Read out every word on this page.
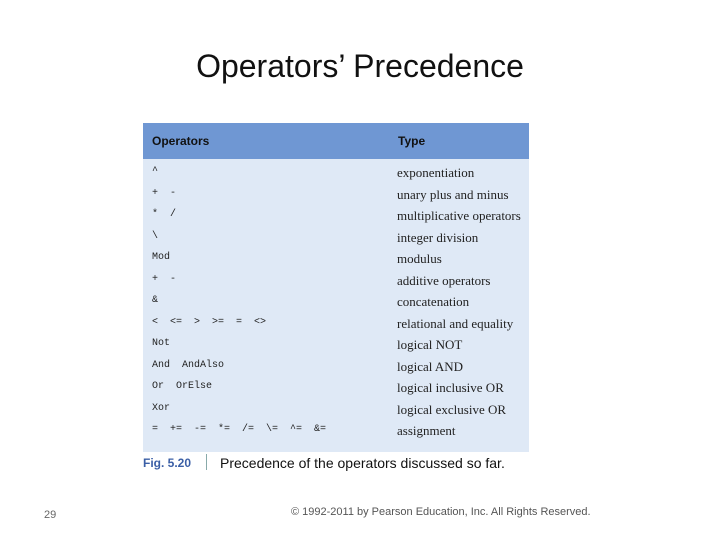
Operators’ Precedence
Operators	Type
^	exponentiation
+  -	unary plus and minus
*  /	multiplicative operators
\	integer division
Mod	modulus
+  -	additive operators
&	concatenation
<  <=  >  >=  =  <>	relational and equality
Not	logical NOT
And  AndAlso	logical AND
Or  OrElse	logical inclusive OR
Xor	logical exclusive OR
=  +=  -=  *=  /=  \=  ^=  &=	assignment
Fig. 5.20 Precedence of the operators discussed so far.
29	© 1992-2011 by Pearson Education, Inc. All Rights Reserved.
